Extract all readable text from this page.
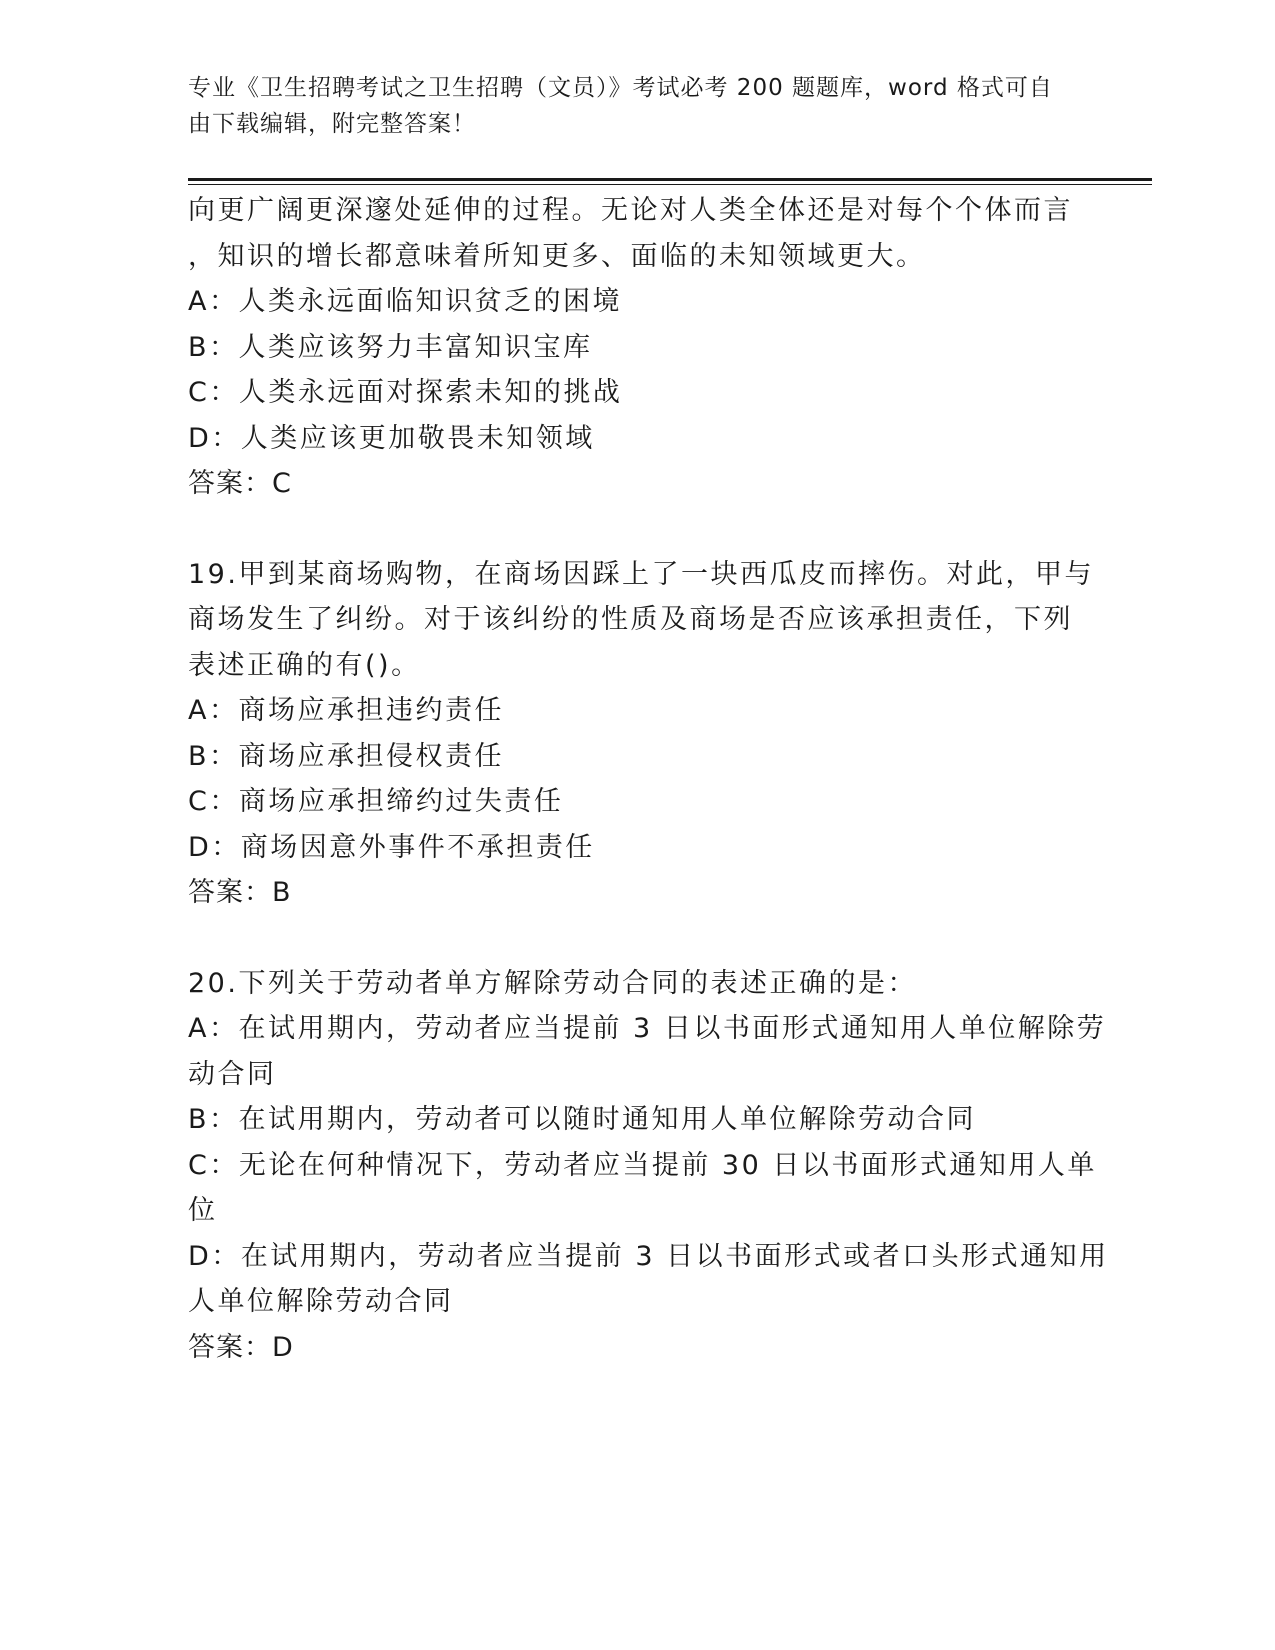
专业《卫生招聘考试之卫生招聘（文员）》考试必考 200 题题库，word 格式可自
由下载编辑，附完整答案！
向更广阔更深邃处延伸的过程。无论对人类全体还是对每个个体而言
，知识的增长都意味着所知更多、面临的未知领域更大。
A：人类永远面临知识贫乏的困境
B：人类应该努力丰富知识宝库
C：人类永远面对探索未知的挑战
D：人类应该更加敬畏未知领域
答案：C
19.甲到某商场购物，在商场因踩上了一块西瓜皮而摔伤。对此，甲与
商场发生了纠纷。对于该纠纷的性质及商场是否应该承担责任，下列
表述正确的有()。
A：商场应承担违约责任
B：商场应承担侵权责任
C：商场应承担缔约过失责任
D：商场因意外事件不承担责任
答案：B
20.下列关于劳动者单方解除劳动合同的表述正确的是：
A：在试用期内，劳动者应当提前 3 日以书面形式通知用人单位解除劳
动合同
B：在试用期内，劳动者可以随时通知用人单位解除劳动合同
C：无论在何种情况下，劳动者应当提前 30 日以书面形式通知用人单
位
D：在试用期内，劳动者应当提前 3 日以书面形式或者口头形式通知用
人单位解除劳动合同
答案：D
